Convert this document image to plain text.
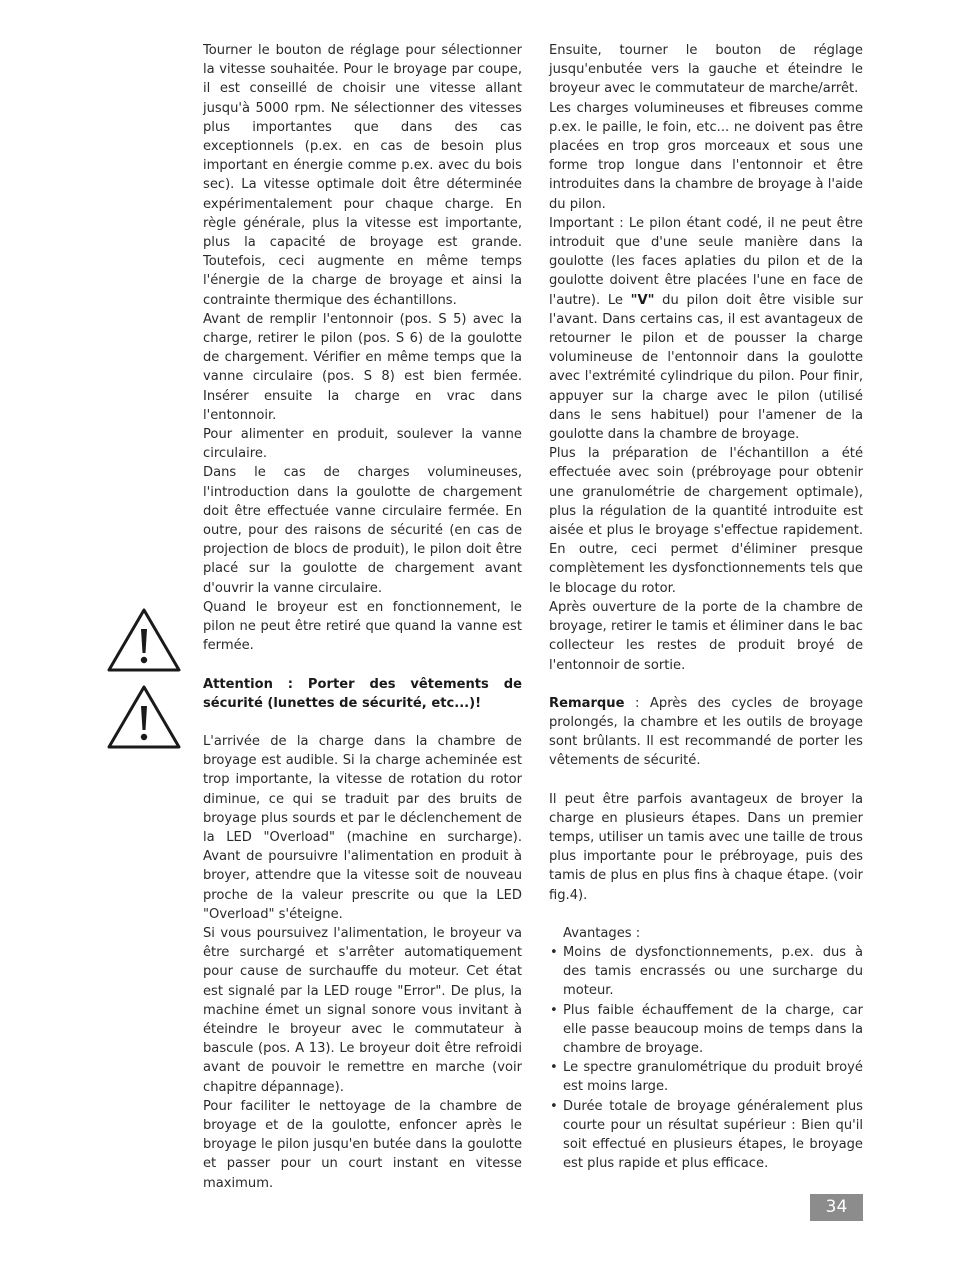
Tourner le bouton de réglage pour sélectionner la vitesse souhaitée. Pour le broyage par coupe, il est conseillé de choisir une vitesse allant jusqu'à 5000 rpm. Ne sélectionner des vitesses plus importantes que dans des cas exceptionnels (p.ex. en cas de besoin plus important en énergie comme p.ex. avec du bois sec). La vitesse optimale doit être déterminée expérimentalement pour chaque charge. En règle générale, plus la vitesse est importante, plus la capacité de broyage est grande. Toutefois, ceci augmente en même temps l'énergie de la charge de broyage et ainsi la contrainte thermique des échantillons.

Avant de remplir l'entonnoir (pos. S 5) avec la charge, retirer le pilon (pos. S 6) de la goulotte de chargement. Vérifier en même temps que la vanne circulaire (pos. S 8) est bien fermée. Insérer ensuite la charge en vrac dans l'entonnoir.

Pour alimenter en produit, soulever la vanne circulaire.

Dans le cas de charges volumineuses, l'introduction dans la goulotte de chargement doit être effectuée vanne circulaire fermée. En outre, pour des raisons de sécurité (en cas de projection de blocs de produit), le pilon doit être placé sur la goulotte de chargement avant d'ouvrir la vanne circulaire.

Quand le broyeur est en fonctionnement, le pilon ne peut être retiré que quand la vanne est fermée.

Attention : Porter des vêtements de sécurité (lunettes de sécurité, etc...)!

L'arrivée de la charge dans la chambre de broyage est audible. Si la charge acheminée est trop importante, la vitesse de rotation du rotor diminue, ce qui se traduit par des bruits de broyage plus sourds et par le déclenchement de la LED "Overload" (machine en surcharge). Avant de poursuivre l'alimentation en produit à broyer, attendre que la vitesse soit de nouveau proche de la valeur prescrite ou que la LED "Overload" s'éteigne.

Si vous poursuivez l'alimentation, le broyeur va être surchargé et s'arrêter automatiquement pour cause de surchauffe du moteur. Cet état est signalé par la LED rouge "Error". De plus, la machine émet un signal sonore vous invitant à éteindre le broyeur avec le commutateur à bascule (pos. A 13). Le broyeur doit être refroidi avant de pouvoir le remettre en marche (voir chapitre dépannage).

Pour faciliter le nettoyage de la chambre de broyage et de la goulotte, enfoncer après le broyage le pilon jusqu'en butée dans la goulotte et passer pour un court instant en vitesse maximum.

Ensuite, tourner le bouton de réglage jusqu'enbutée vers la gauche et éteindre le broyeur avec le commutateur de marche/arrêt.

Les charges volumineuses et fibreuses comme p.ex. le paille, le foin, etc... ne doivent pas être placées en trop gros morceaux et sous une forme trop longue dans l'entonnoir et être introduites dans la chambre de broyage à l'aide du pilon.

Important : Le pilon étant codé, il ne peut être introduit que d'une seule manière dans la goulotte (les faces aplaties du pilon et de la goulotte doivent être placées l'une en face de l'autre). Le "V" du pilon doit être visible sur l'avant. Dans certains cas, il est avantageux de retourner le pilon et de pousser la charge volumineuse de l'entonnoir dans la goulotte avec l'extrémité cylindrique du pilon. Pour finir, appuyer sur la charge avec le pilon (utilisé dans le sens habituel) pour l'amener de la goulotte dans la chambre de broyage.

Plus la préparation de l'échantillon a été effectuée avec soin (prébroyage pour obtenir une granulométrie de chargement optimale), plus la régulation de la quantité introduite est aisée et plus le broyage s'effectue rapidement. En outre, ceci permet d'éliminer presque complètement les dysfonctionnements tels que le blocage du rotor.

Après ouverture de la porte de la chambre de broyage, retirer le tamis et éliminer dans le bac collecteur les restes de produit broyé de l'entonnoir de sortie.

Remarque : Après des cycles de broyage prolongés, la chambre et les outils de broyage sont brûlants. Il est recommandé de porter les vêtements de sécurité.

Il peut être parfois avantageux de broyer la charge en plusieurs étapes. Dans un premier temps, utiliser un tamis avec une taille de trous plus importante pour le prébroyage, puis des tamis de plus en plus fins à chaque étape. (voir fig.4).

Avantages :

• Moins de dysfonctionnements, p.ex. dus à des tamis encrassés ou une surcharge du moteur.
• Plus faible échauffement de la charge, car elle passe beaucoup moins de temps dans la chambre de broyage.
• Le spectre granulométrique du produit broyé est moins large.
• Durée totale de broyage généralement plus courte pour un résultat supérieur : Bien qu'il soit effectué en plusieurs étapes, le broyage est plus rapide et plus efficace.
34
